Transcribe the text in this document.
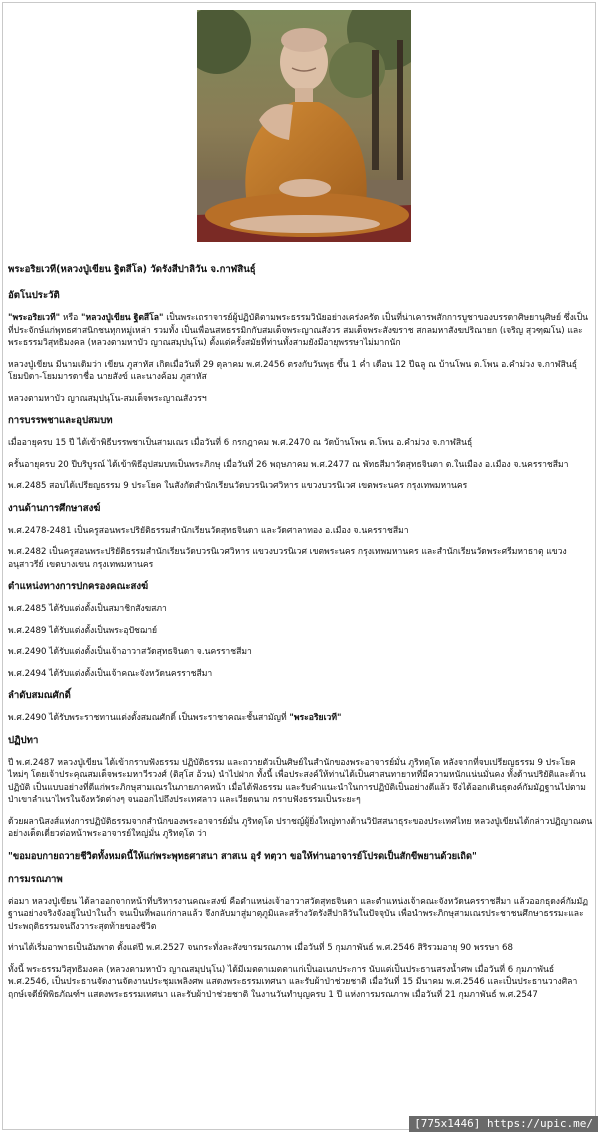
พระอริยเวที(หลวงปู่เขียน ฐิตสีโล) วัดรังสีปาลิวัน จ.กาฬสินธุ์
อัตโนประวัติ
"พระอริยเวที" หรือ "หลวงปู่เขียน ฐิตสีโล" เป็นพระเถราจารย์ผู้ปฏิบัติตามพระธรรมวินัยอย่างเคร่งครัด เป็นที่น่าเคารพสักการบูชาของบรรดาศิษยานุศิษย์ ซึ่งเป็นที่ประจักษ์แก่พุทธศาสนิกชนทุกหมู่เหล่า รวมทั้ง เป็นเพื่อนสหธรรมิกกับสมเด็จพระญาณสังวร สมเด็จพระสังฆราช สกลมหาสังฆปริณายก (เจริญ สุวฑฺฒโน) และพระธรรมวิสุทธิมงคล (หลวงตามหาบัว ญาณสมฺปนฺโน) ตั้งแต่ครั้งสมัยที่ท่านทั้งสามยังมีอายุพรรษาไม่มากนัก
หลวงปู่เขียน มีนามเดิมว่า เขียน ภูสาหัส เกิดเมื่อวันที่ 29 ตุลาคม พ.ศ.2456 ตรงกับวันพุธ ขึ้น 1 ค่ำ เดือน 12 ปีฉลู ณ บ้านโพน ต.โพน อ.คำม่วง จ.กาฬสินธุ์ โยมบิดา-โยมมารดาชื่อ นายสังข์ และนางค้อม ภูสาหัส
หลวงตามหาบัว ญาณสมฺปนฺโน-สมเด็จพระญาณสังวรฯ
การบรรพชาและอุปสมบท
เมื่ออายุครบ 15 ปี ได้เข้าพิธีบรรพชาเป็นสามเณร เมื่อวันที่ 6 กรกฎาคม พ.ศ.2470 ณ วัดบ้านโพน ต.โพน อ.คำม่วง จ.กาฬสินธุ์
ครั้นอายุครบ 20 ปีบริบูรณ์ ได้เข้าพิธีอุปสมบทเป็นพระภิกษุ เมื่อวันที่ 26 พฤษภาคม พ.ศ.2477 ณ พัทธสีมาวัดสุทธจินดา ต.ในเมือง อ.เมือง จ.นครราชสีมา
พ.ศ.2485 สอบได้เปรียญธรรม 9 ประโยค ในสังกัดสำนักเรียนวัดบวรนิเวศวิหาร แขวงบวรนิเวศ เขตพระนคร กรุงเทพมหานคร
งานด้านการศึกษาสงฆ์
พ.ศ.2478-2481 เป็นครูสอนพระปริยัติธรรมสำนักเรียนวัดสุทธจินดา และวัดศาลาทอง อ.เมือง จ.นครราชสีมา
พ.ศ.2482 เป็นครูสอนพระปริยัติธรรมสำนักเรียนวัดบวรนิเวศวิหาร แขวงบวรนิเวศ เขตพระนคร กรุงเทพมหานคร และสำนักเรียนวัดพระศรีมหาธาตุ แขวงอนุสาวรีย์ เขตบางเขน กรุงเทพมหานคร
ตำแหน่งทางการปกครองคณะสงฆ์
พ.ศ.2485 ได้รับแต่งตั้งเป็นสมาชิกสังฆสภา
พ.ศ.2489 ได้รับแต่งตั้งเป็นพระอุปัชฌาย์
พ.ศ.2490 ได้รับแต่งตั้งเป็นเจ้าอาวาสวัดสุทธจินดา จ.นครราชสีมา
พ.ศ.2494 ได้รับแต่งตั้งเป็นเจ้าคณะจังหวัดนครราชสีมา
ลำดับสมณศักดิ์
พ.ศ.2490 ได้รับพระราชทานแต่งตั้งสมณศักดิ์ เป็นพระราชาคณะชั้นสามัญที่ "พระอริยเวที"
ปฏิปทา
ปี พ.ศ.2487 หลวงปู่เขียน ได้เข้ากราบฟังธรรม ปฏิบัติธรรม และถวายตัวเป็นศิษย์ในสำนักของพระอาจารย์มั่น ภูริทตฺโต หลังจากที่จบเปรียญธรรม 9 ประโยคไหม่ๆ โดยเจ้าประคุณสมเด็จพระมหาวีรวงศ์ (ติสฺโส อ้วน) นำไปฝาก ทั้งนี้ เพื่อประสงค์ให้ท่านได้เป็นศาสนทายาทที่มีความหนักแน่นมั่นคง ทั้งด้านปริยัติและด้านปฏิบัติ เป็นแบบอย่างที่ดีแก่พระภิกษุสามเณรในภายภาคหน้า เมื่อได้ฟังธรรม และรับคำแนะนำในการปฏิบัติเป็นอย่างดีแล้ว จึงได้ออกเดินธุดงค์กัมมัฏฐานไปตามป่าเขาลำเนาไพรในจังหวัดต่างๆ จนออกไปถึงประเทศลาว และเวียดนาม กราบฟังธรรมเป็นระยะๆ
ด้วยผลานิสงส์แห่งการปฏิบัติธรรมจากสำนักของพระอาจารย์มั่น ภูริทตฺโต ปราชญ์ผู้ยิ่งใหญ่ทางด้านวิปัสสนาธุระของประเทศไทย หลวงปู่เขียนได้กล่าวปฏิญาณตนอย่างเด็ดเดี่ยวต่อหน้าพระอาจารย์ใหญ่มั่น ภูริทตฺโต ว่า
"ขอมอบกายถวายชีวิตทั้งหมดนี้ให้แก่พระพุทธศาสนา สาสเน อุรํ ทตฺวา ขอให้ท่านอาจารย์โปรดเป็นสักขีพยานด้วยเถิด"
การมรณภาพ
ต่อมา หลวงปู่เขียน ได้ลาออกจากหน้าที่บริหารงานคณะสงฆ์ คือตำแหน่งเจ้าอาวาสวัดสุทธจินดา และตำแหน่งเจ้าคณะจังหวัดนครราชสีมา แล้วออกธุดงค์กัมมัฏฐานอย่างจริงจังอยู่ในป่าในถ้ำ จนเป็นที่พอแก่กาลแล้ว จึงกลับมาสู่มาตุภูมิและสร้างวัดรังสีปาลิวันในปัจจุบัน เพื่อนำพระภิกษุสามเณรประชาชนศึกษาธรรมะและประพฤติธรรมจนถึงวาระสุดท้ายของชีวิต
ท่านได้เริ่มอาพาธเป็นอัมพาต ตั้งแต่ปี พ.ศ.2527 จนกระทั่งละสังขารมรณภาพ เมื่อวันที่ 5 กุมภาพันธ์ พ.ศ.2546 สิริรวมอายุ 90 พรรษา 68
ทั้งนี้ พระธรรมวิสุทธิมงคล (หลวงตามหาบัว ญาณสมฺปนฺโน) ได้มีเมตตาเมตตาแก่เป็นอเนกประการ นับแต่เป็นประธานสรงน้ำศพ เมื่อวันที่ 6 กุมภาพันธ์ พ.ศ.2546, เป็นประธานจัดงานจัดงานประชุมเพลิงศพ แสดงพระธรรมเทศนา และรับผ้าป่าช่วยชาติ เมื่อวันที่ 15 มีนาคม พ.ศ.2546 และเป็นประธานวางศิลาฤกษ์เจดีย์พิพิธภัณฑ์ฯ แสดงพระธรรมเทศนา และรับผ้าป่าช่วยชาติ ในงานวันทำบุญครบ 1 ปี แห่งการมรณภาพ เมื่อวันที่ 21 กุมภาพันธ์ พ.ศ.2547
[775x1446] https://upic.me/
